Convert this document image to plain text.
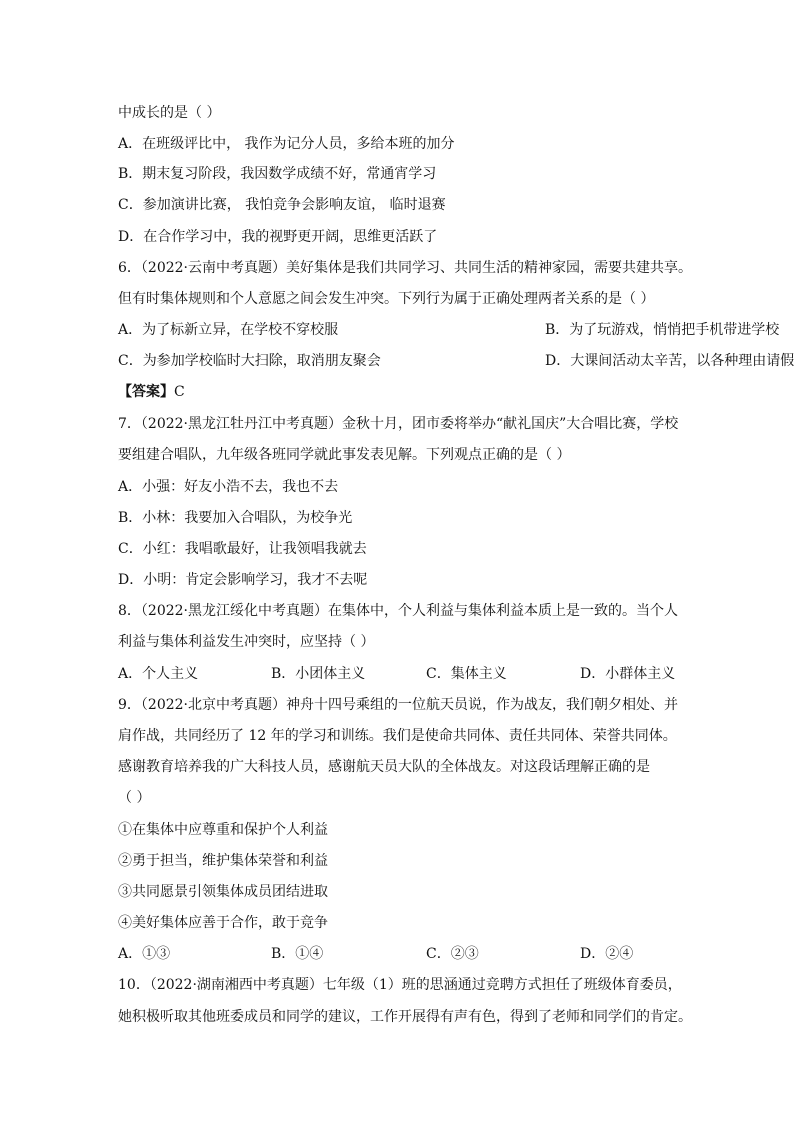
中成长的是（ ）
A．在班级评比中， 我作为记分人员，多给本班的加分
B．期末复习阶段，我因数学成绩不好，常通宵学习
C．参加演讲比赛， 我怕竞争会影响友谊， 临时退赛
D．在合作学习中，我的视野更开阔，思维更活跃了
6．（2022·云南中考真题）美好集体是我们共同学习、共同生活的精神家园，需要共建共享。
但有时集体规则和个人意愿之间会发生冲突。下列行为属于正确处理两者关系的是（ ）
A．为了标新立异，在学校不穿校服	B．为了玩游戏，悄悄把手机带进学校
C．为参加学校临时大扫除，取消朋友聚会	D．大课间活动太辛苦，以各种理由请假
【答案】C
7．（2022·黑龙江牡丹江中考真题）金秋十月，团市委将举办“献礼国庆”大合唱比赛，学校
要组建合唱队，九年级各班同学就此事发表见解。下列观点正确的是（ ）
A．小强：好友小浩不去，我也不去
B．小林：我要加入合唱队，为校争光
C．小红：我唱歌最好，让我领唱我就去
D．小明：肯定会影响学习，我才不去呢
8．（2022·黑龙江绥化中考真题）在集体中，个人利益与集体利益本质上是一致的。当个人
利益与集体利益发生冲突时，应坚持（ ）
A．个人主义	B．小团体主义	C．集体主义	D．小群体主义
9．（2022·北京中考真题）神舟十四号乘组的一位航天员说，作为战友，我们朝夕相处、并
肩作战，共同经历了 12 年的学习和训练。我们是使命共同体、责任共同体、荣誉共同体。
感谢教育培养我的广大科技人员，感谢航天员大队的全体战友。对这段话理解正确的是
（ ）
①在集体中应尊重和保护个人利益
②勇于担当，维护集体荣誉和利益
③共同愿景引领集体成员团结进取
④美好集体应善于合作，敢于竞争
A．①③	B．①④	C．②③	D．②④
10．（2022·湖南湘西中考真题）七年级（1）班的思涵通过竞聘方式担任了班级体育委员，
她积极听取其他班委成员和同学的建议，工作开展得有声有色，得到了老师和同学们的肯定。
